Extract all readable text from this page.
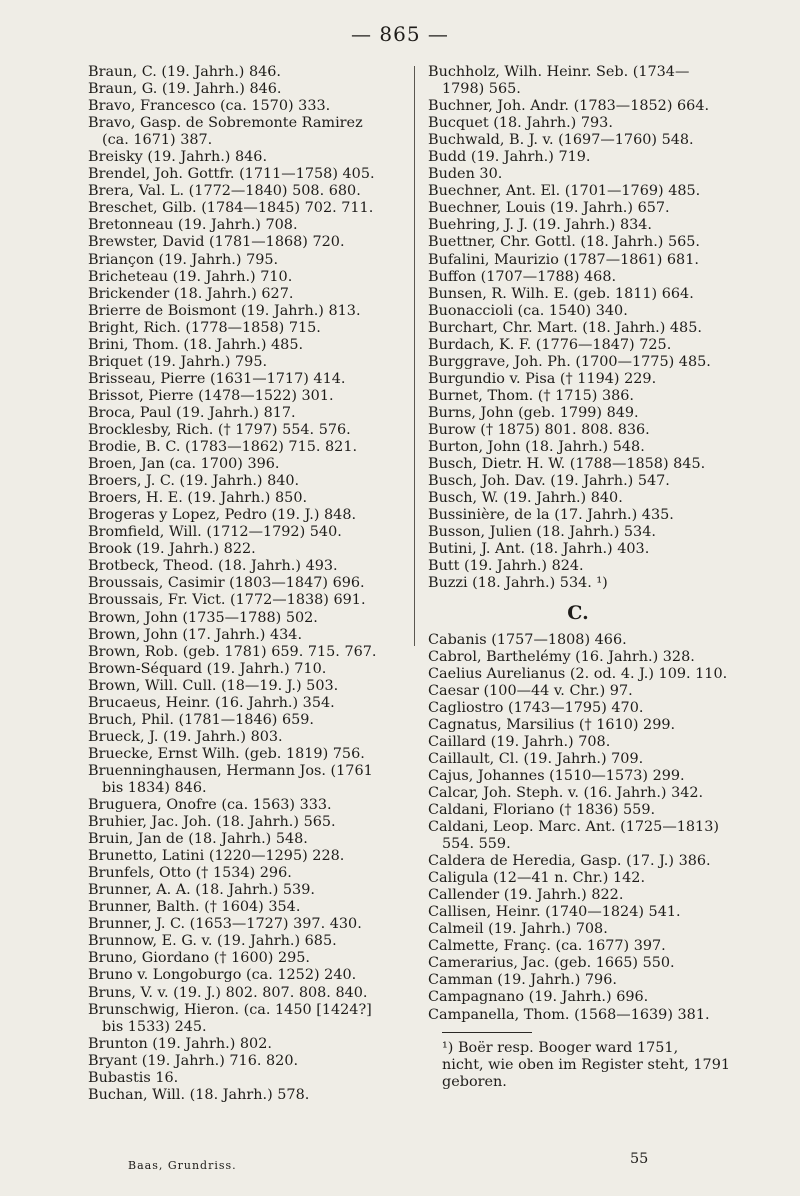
— 865 —
Braun, C. (19. Jahrh.) 846.
Braun, G. (19. Jahrh.) 846.
Bravo, Francesco (ca. 1570) 333.
Bravo, Gasp. de Sobremonte Ramirez
(ca. 1671) 387.
Breisky (19. Jahrh.) 846.
Brendel, Joh. Gottfr. (1711—1758) 405.
Brera, Val. L. (1772—1840) 508. 680.
Breschet, Gilb. (1784—1845) 702. 711.
Bretonneau (19. Jahrh.) 708.
Brewster, David (1781—1868) 720.
Briançon (19. Jahrh.) 795.
Bricheteau (19. Jahrh.) 710.
Brickender (18. Jahrh.) 627.
Brierre de Boismont (19. Jahrh.) 813.
Bright, Rich. (1778—1858) 715.
Brini, Thom. (18. Jahrh.) 485.
Briquet (19. Jahrh.) 795.
Brisseau, Pierre (1631—1717) 414.
Brissot, Pierre (1478—1522) 301.
Broca, Paul (19. Jahrh.) 817.
Brocklesby, Rich. († 1797) 554. 576.
Brodie, B. C. (1783—1862) 715. 821.
Broen, Jan (ca. 1700) 396.
Broers, J. C. (19. Jahrh.) 840.
Broers, H. E. (19. Jahrh.) 850.
Brogeras y Lopez, Pedro (19. J.) 848.
Bromfield, Will. (1712—1792) 540.
Brook (19. Jahrh.) 822.
Brotbeck, Theod. (18. Jahrh.) 493.
Broussais, Casimir (1803—1847) 696.
Broussais, Fr. Vict. (1772—1838) 691.
Brown, John (1735—1788) 502.
Brown, John (17. Jahrh.) 434.
Brown, Rob. (geb. 1781) 659. 715. 767.
Brown-Séquard (19. Jahrh.) 710.
Brown, Will. Cull. (18—19. J.) 503.
Brucaeus, Heinr. (16. Jahrh.) 354.
Bruch, Phil. (1781—1846) 659.
Brueck, J. (19. Jahrh.) 803.
Bruecke, Ernst Wilh. (geb. 1819) 756.
Bruenninghausen, Hermann Jos. (1761
bis 1834) 846.
Bruguera, Onofre (ca. 1563) 333.
Bruhier, Jac. Joh. (18. Jahrh.) 565.
Bruin, Jan de (18. Jahrh.) 548.
Brunetto, Latini (1220—1295) 228.
Brunfels, Otto († 1534) 296.
Brunner, A. A. (18. Jahrh.) 539.
Brunner, Balth. († 1604) 354.
Brunner, J. C. (1653—1727) 397. 430.
Brunnow, E. G. v. (19. Jahrh.) 685.
Bruno, Giordano († 1600) 295.
Bruno v. Longoburgo (ca. 1252) 240.
Bruns, V. v. (19. J.) 802. 807. 808. 840.
Brunschwig, Hieron. (ca. 1450 [1424?]
bis 1533) 245.
Brunton (19. Jahrh.) 802.
Bryant (19. Jahrh.) 716. 820.
Bubastis 16.
Buchan, Will. (18. Jahrh.) 578.
Buchholz, Wilh. Heinr. Seb. (1734—
1798) 565.
Buchner, Joh. Andr. (1783—1852) 664.
Bucquet (18. Jahrh.) 793.
Buchwald, B. J. v. (1697—1760) 548.
Budd (19. Jahrh.) 719.
Buden 30.
Buechner, Ant. El. (1701—1769) 485.
Buechner, Louis (19. Jahrh.) 657.
Buehring, J. J. (19. Jahrh.) 834.
Buettner, Chr. Gottl. (18. Jahrh.) 565.
Bufalini, Maurizio (1787—1861) 681.
Buffon (1707—1788) 468.
Bunsen, R. Wilh. E. (geb. 1811) 664.
Buonaccioli (ca. 1540) 340.
Burchart, Chr. Mart. (18. Jahrh.) 485.
Burdach, K. F. (1776—1847) 725.
Burggrave, Joh. Ph. (1700—1775) 485.
Burgundio v. Pisa († 1194) 229.
Burnet, Thom. († 1715) 386.
Burns, John (geb. 1799) 849.
Burow († 1875) 801. 808. 836.
Burton, John (18. Jahrh.) 548.
Busch, Dietr. H. W. (1788—1858) 845.
Busch, Joh. Dav. (19. Jahrh.) 547.
Busch, W. (19. Jahrh.) 840.
Bussinière, de la (17. Jahrh.) 435.
Busson, Julien (18. Jahrh.) 534.
Butini, J. Ant. (18. Jahrh.) 403.
Butt (19. Jahrh.) 824.
Buzzi (18. Jahrh.) 534. ¹)
C.
Cabanis (1757—1808) 466.
Cabrol, Barthelémy (16. Jahrh.) 328.
Caelius Aurelianus (2. od. 4. J.) 109. 110.
Caesar (100—44 v. Chr.) 97.
Cagliostro (1743—1795) 470.
Cagnatus, Marsilius († 1610) 299.
Caillard (19. Jahrh.) 708.
Caillault, Cl. (19. Jahrh.) 709.
Cajus, Johannes (1510—1573) 299.
Calcar, Joh. Steph. v. (16. Jahrh.) 342.
Caldani, Floriano († 1836) 559.
Caldani, Leop. Marc. Ant. (1725—1813)
554. 559.
Caldera de Heredia, Gasp. (17. J.) 386.
Caligula (12—41 n. Chr.) 142.
Callender (19. Jahrh.) 822.
Callisen, Heinr. (1740—1824) 541.
Calmeil (19. Jahrh.) 708.
Calmette, Franç. (ca. 1677) 397.
Camerarius, Jac. (geb. 1665) 550.
Camman (19. Jahrh.) 796.
Campagnano (19. Jahrh.) 696.
Campanella, Thom. (1568—1639) 381.
¹) Boër resp. Booger ward 1751,
nicht, wie oben im Register steht, 1791
geboren.
Baas, Grundriss.	55
